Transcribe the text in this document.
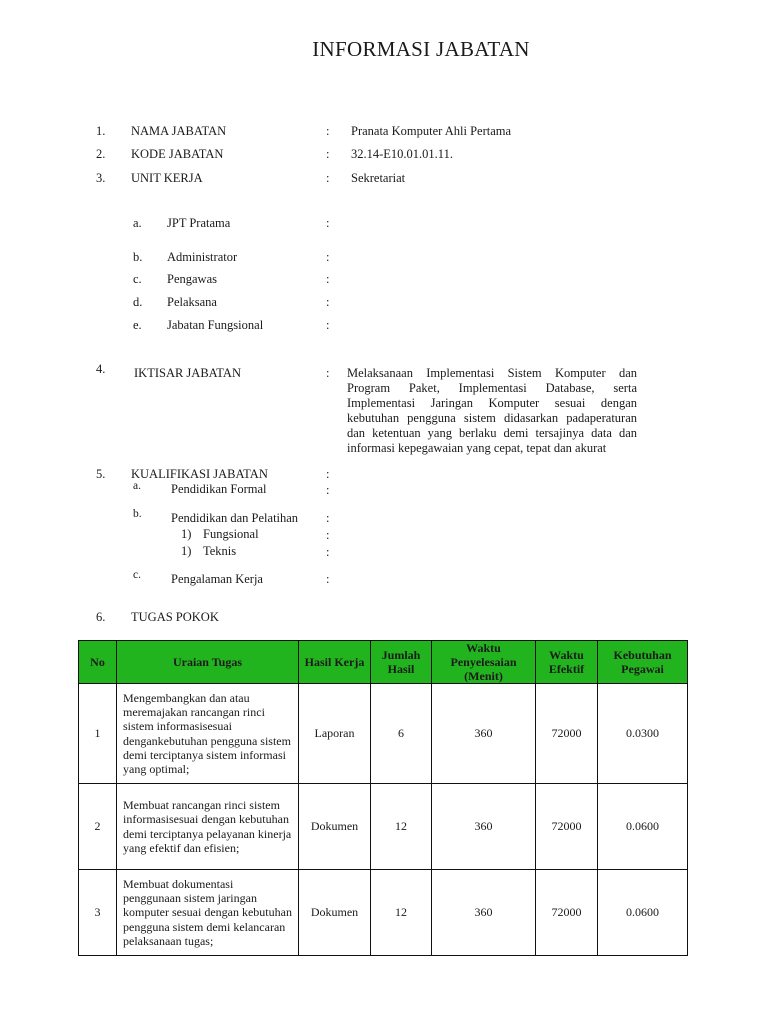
INFORMASI JABATAN
1. NAMA JABATAN	: Pranata Komputer Ahli Pertama
2. KODE JABATAN	: 32.14-E10.01.01.11.
3. UNIT KERJA	: Sekretariat
a. JPT Pratama	:
b. Administrator	:
c. Pengawas	:
d. Pelaksana	:
e. Jabatan Fungsional	:
4. IKTISAR JABATAN	: Melaksanaan Implementasi Sistem Komputer dan Program Paket, Implementasi Database, serta Implementasi Jaringan Komputer sesuai dengan kebutuhan pengguna sistem didasarkan padaperaturan dan ketentuan yang berlaku demi tersajinya data dan informasi kepegawaian yang cepat, tepat dan akurat
5. KUALIFIKASI JABATAN	:
a. Pendidikan Formal	:
b. Pendidikan dan Pelatihan :
1) Fungsional	:
1) Teknis	:
c. Pengalaman Kerja	:
6. TUGAS POKOK
No	Uraian Tugas	Hasil Kerja	Jumlah Hasil	Waktu Penyelesaian (Menit)	Waktu Efektif	Kebutuhan Pegawai
1	Mengembangkan dan atau meremajakan rancangan rinci sistem informasisesuai dengankebutuhan pengguna sistem demi terciptanya sistem informasi yang optimal;	Laporan	6	360	72000	0.0300
2	Membuat rancangan rinci sistem informasisesuai dengan kebutuhan demi terciptanya pelayanan kinerja yang efektif dan efisien;	Dokumen	12	360	72000	0.0600
3	Membuat dokumentasi penggunaan sistem jaringan komputer sesuai dengan kebutuhan pengguna sistem demi kelancaran pelaksanaan tugas;	Dokumen	12	360	72000	0.0600
